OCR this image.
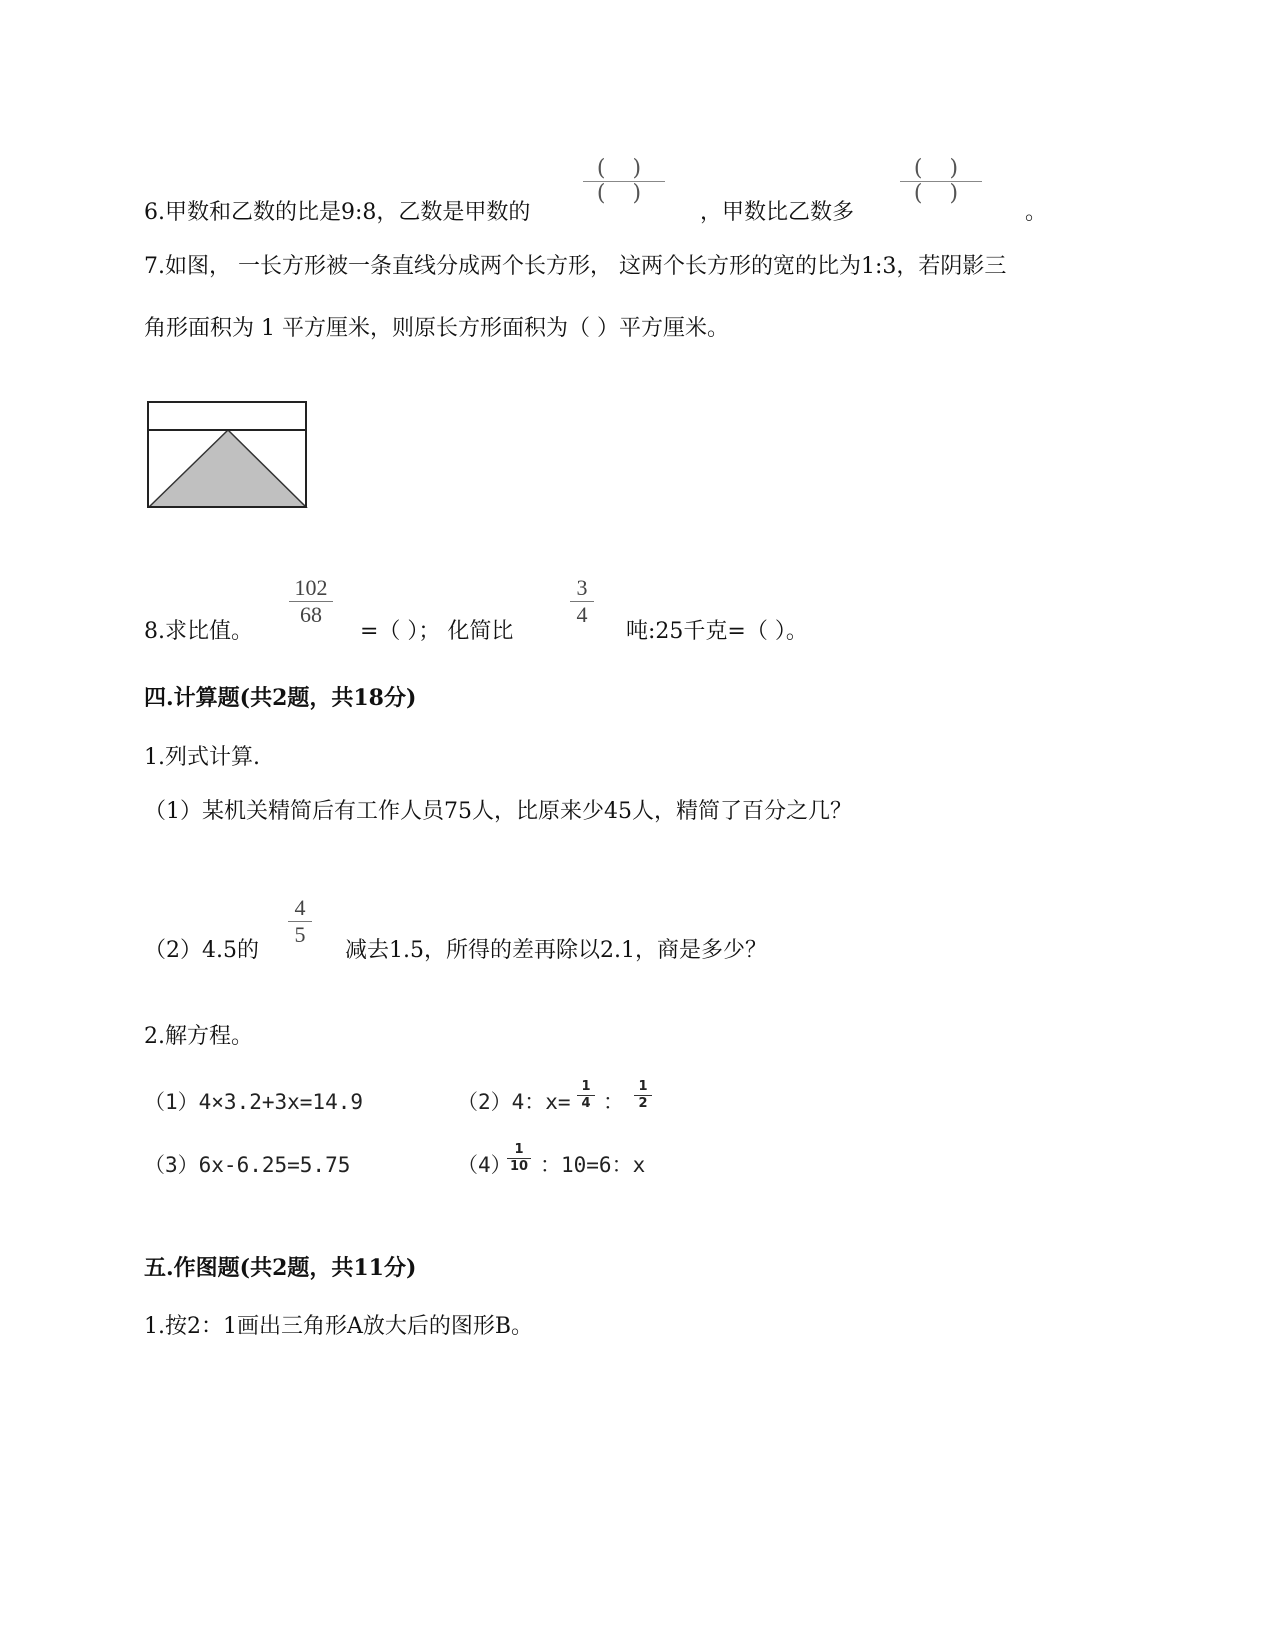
6.甲数和乙数的比是9:8，乙数是甲数的
( )
( )
，甲数比乙数多
( )
( )
。
7.如图， 一长方形被一条直线分成两个长方形， 这两个长方形的宽的比为1:3，若阴影三
角形面积为 1 平方厘米，则原长方形面积为（ ）平方厘米。
8.求比值。
102
68
=（ ）； 化简比
3
4
吨:25千克=（ ）。
四.计算题(共2题，共18分)
1.列式计算.
（1）某机关精简后有工作人员75人，比原来少45人，精简了百分之几？
（2）4.5的
4
5
减去1.5，所得的差再除以2.1，商是多少？
2.解方程。
（1）4×3.2+3x=14.9	（2）4：x=
1
4 ：
1
2
（3）6x-6.25=5.75	（4）
1
10 ：10=6：x
五.作图题(共2题，共11分)
1.按2：1画出三角形A放大后的图形B。
